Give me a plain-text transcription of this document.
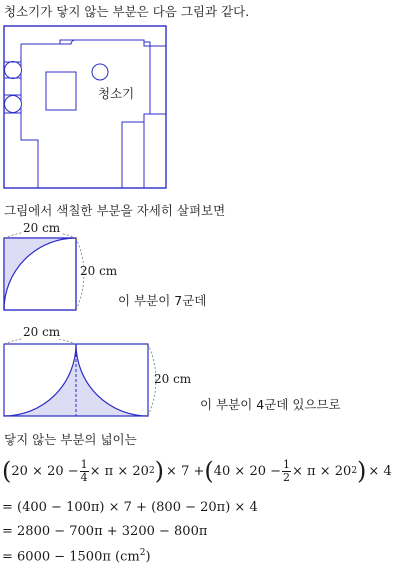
청소기가 닿지 않는 부분은 다음 그림과 같다.
청소기
그림에서 색칠한 부분을 자세히 살펴보면
20 cm
20 cm
이 부분이 7군데
20 cm
20 cm
이 부분이 4군데 있으므로
닿지 않는 부분의 넓이는
( $20 \times 20 - \frac{1}{4} \times \pi \times 20$ 2 ) × 7 + ( $40 \times 20 - \frac{1}{2} \times \pi \times 20$ 2 ) × 4
= (400 − 100π) × 7 + (800 − 20π) × 4
= 2800 − 700π + 3200 − 800π
= 6000 − 1500π $(cm^2)$
